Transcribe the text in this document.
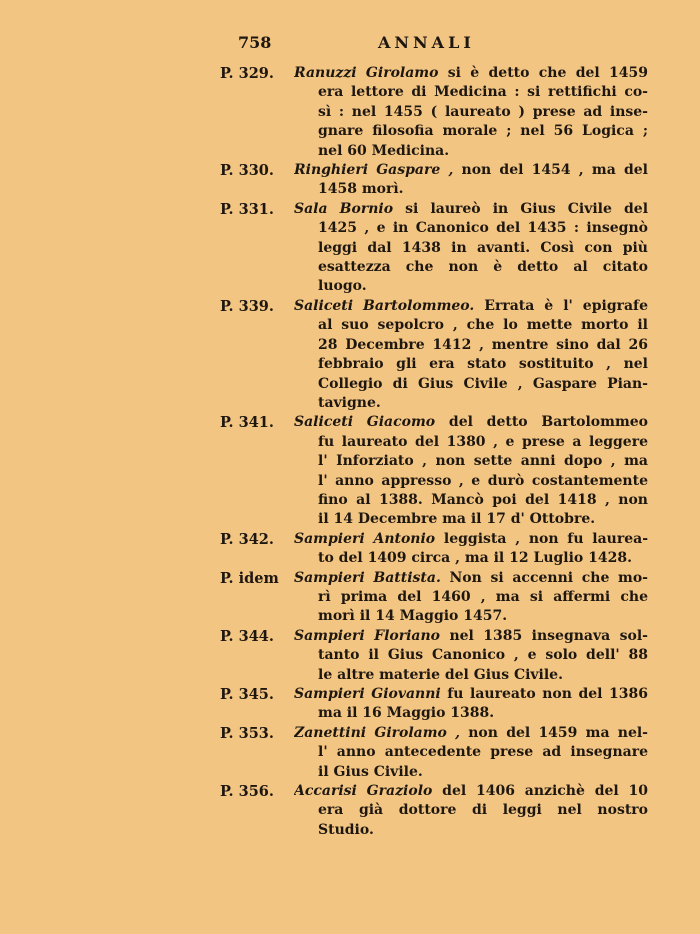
758	ANNALI
P. 329. Ranuzzi Girolamo si è detto che del 1459
era lettore di Medicina : si rettifichi co-
sì : nel 1455 ( laureato ) prese ad inse-
gnare filosofia morale ; nel 56 Logica ;
nel 60 Medicina.
P. 330. Ringhieri Gaspare , non del 1454 , ma del
1458 morì.
P. 331. Sala Bornio si laureò in Gius Civile del
1425 , e in Canonico del 1435 : insegnò
leggi dal 1438 in avanti. Così con più
esattezza che non è detto al citato
luogo.
P. 339. Saliceti Bartolommeo. Errata è l' epigrafe
al suo sepolcro , che lo mette morto il
28 Decembre 1412 , mentre sino dal 26
febbraio gli era stato sostituito , nel
Collegio di Gius Civile , Gaspare Pian-
tavigne.
P. 341. Saliceti Giacomo del detto Bartolommeo
fu laureato del 1380 , e prese a leggere
l' Inforziato , non sette anni dopo , ma
l' anno appresso , e durò costantemente
fino al 1388. Mancò poi del 1418 , non
il 14 Decembre ma il 17 d' Ottobre.
P. 342. Sampieri Antonio leggista , non fu laurea-
to del 1409 circa , ma il 12 Luglio 1428.
P. idem Sampieri Battista. Non si accenni che mo-
rì prima del 1460 , ma si affermi che
morì il 14 Maggio 1457.
P. 344. Sampieri Floriano nel 1385 insegnava sol-
tanto il Gius Canonico , e solo dell' 88
le altre materie del Gius Civile.
P. 345. Sampieri Giovanni fu laureato non del 1386
ma il 16 Maggio 1388.
P. 353. Zanettini Girolamo , non del 1459 ma nel-
l' anno antecedente prese ad insegnare
il Gius Civile.
P. 356. Accarisi Graziolo del 1406 anzichè del 10
era già dottore di leggi nel nostro
Studio.
